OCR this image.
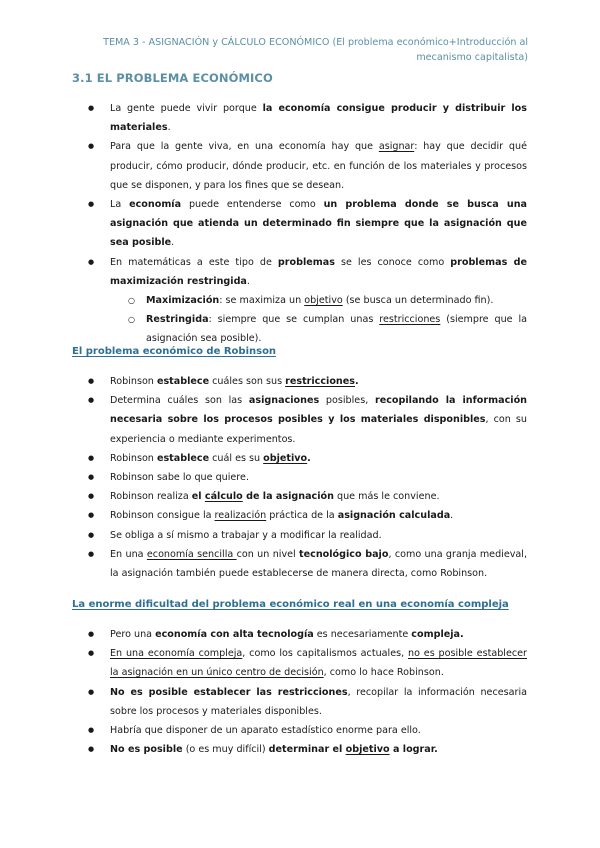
TEMA 3 - ASIGNACIÓN y CÁLCULO ECONÓMICO (El problema económico+Introducción al
mecanismo capitalista)
3.1 EL PROBLEMA ECONÓMICO
● La gente puede vivir porque la economía consigue producir y distribuir los materiales.
● Para que la gente viva, en una economía hay que asignar: hay que decidir qué producir, cómo producir, dónde producir, etc. en función de los materiales y procesos que se disponen, y para los fines que se desean.
● La economía puede entenderse como un problema donde se busca una asignación que atienda un determinado fin siempre que la asignación que sea posible.
● En matemáticas a este tipo de problemas se les conoce como problemas de maximización restringida.
○ Maximización: se maximiza un objetivo (se busca un determinado fin).
○ Restringida: siempre que se cumplan unas restricciones (siempre que la asignación sea posible).
El problema económico de Robinson
● Robinson establece cuáles son sus restricciones.
● Determina cuáles son las asignaciones posibles, recopilando la información necesaria sobre los procesos posibles y los materiales disponibles, con su experiencia o mediante experimentos.
● Robinson establece cuál es su objetivo.
● Robinson sabe lo que quiere.
● Robinson realiza el cálculo de la asignación que más le conviene.
● Robinson consigue la realización práctica de la asignación calculada.
● Se obliga a sí mismo a trabajar y a modificar la realidad.
● En una economía sencilla con un nivel tecnológico bajo, como una granja medieval, la asignación también puede establecerse de manera directa, como Robinson.
La enorme dificultad del problema económico real en una economía compleja
● Pero una economía con alta tecnología es necesariamente compleja.
● En una economía compleja, como los capitalismos actuales, no es posible establecer la asignación en un único centro de decisión, como lo hace Robinson.
● No es posible establecer las restricciones, recopilar la información necesaria sobre los procesos y materiales disponibles.
● Habría que disponer de un aparato estadístico enorme para ello.
● No es posible (o es muy difícil) determinar el objetivo a lograr.
